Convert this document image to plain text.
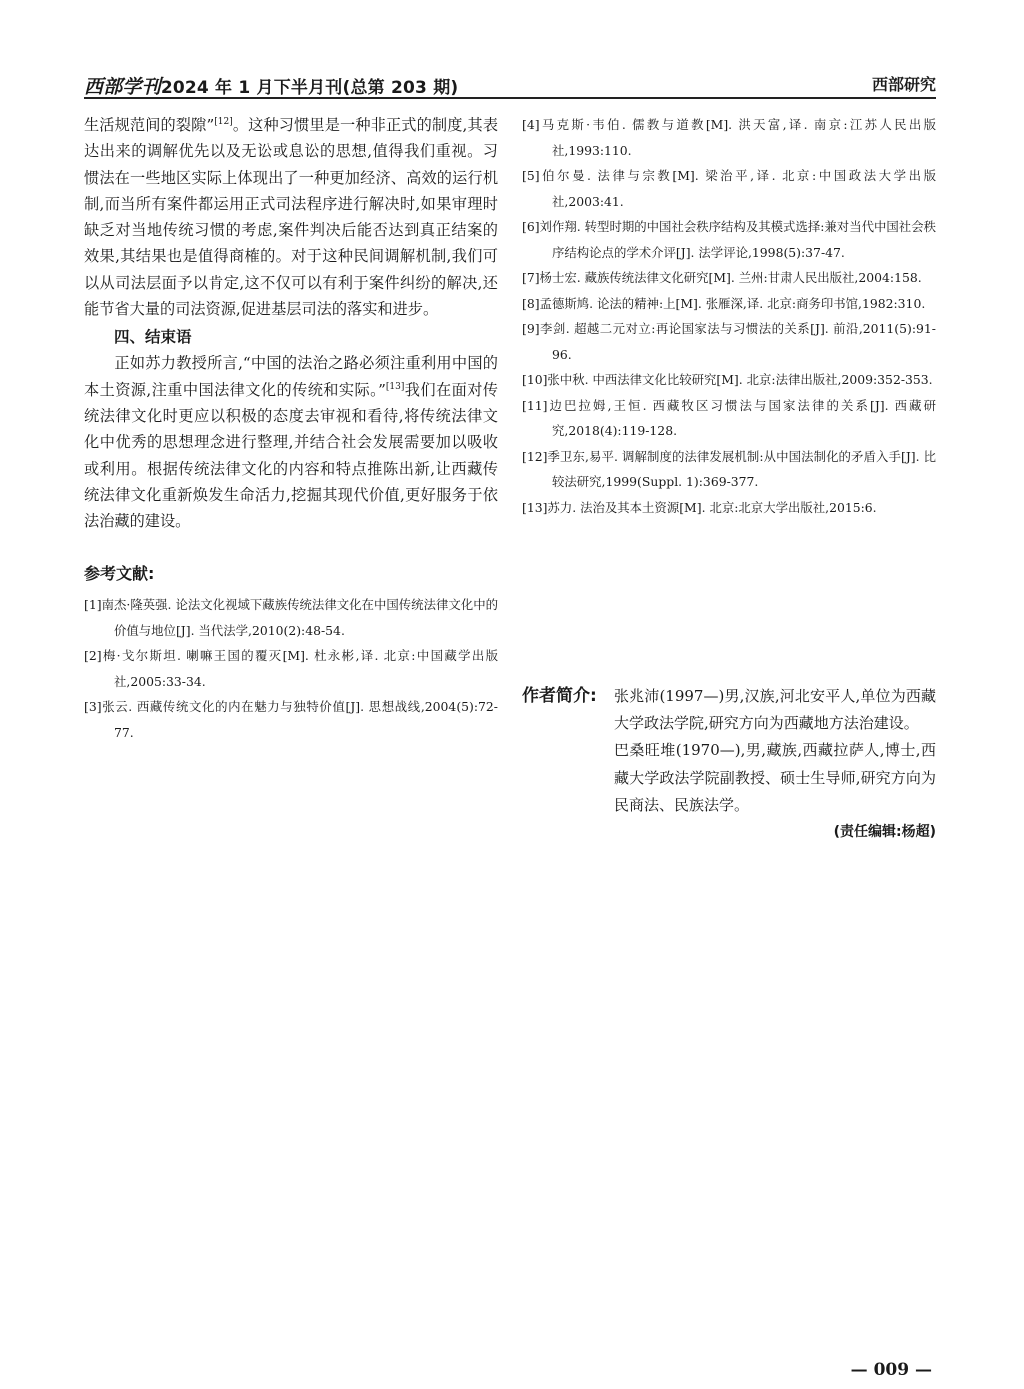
西部学刊2024 年 1 月下半月刊(总第 203 期)	西部研究

生活规范间的裂隙”[12]。这种习惯里是一种非正式的制度,其表达出来的调解优先以及无讼或息讼的思想,值得我们重视。习惯法在一些地区实际上体现出了一种更加经济、高效的运行机制,而当所有案件都运用正式司法程序进行解决时,如果审理时缺乏对当地传统习惯的考虑,案件判决后能否达到真正结案的效果,其结果也是值得商榷的。对于这种民间调解机制,我们可以从司法层面予以肯定,这不仅可以有利于案件纠纷的解决,还能节省大量的司法资源,促进基层司法的落实和进步。

四、结束语

正如苏力教授所言,“中国的法治之路必须注重利用中国的本土资源,注重中国法律文化的传统和实际。”[13]我们在面对传统法律文化时更应以积极的态度去审视和看待,将传统法律文化中优秀的思想理念进行整理,并结合社会发展需要加以吸收或利用。根据传统法律文化的内容和特点推陈出新,让西藏传统法律文化重新焕发生命活力,挖掘其现代价值,更好服务于依法治藏的建设。

参考文献:
[1]南杰·隆英强. 论法文化视域下藏族传统法律文化在中国传统法律文化中的价值与地位[J]. 当代法学,2010(2):48-54.
[2]梅·戈尔斯坦. 喇嘛王国的覆灭[M]. 杜永彬,译. 北京:中国藏学出版社,2005:33-34.
[3]张云. 西藏传统文化的内在魅力与独特价值[J]. 思想战线,2004(5):72-77.
[4]马克斯·韦伯. 儒教与道教[M]. 洪天富,译. 南京:江苏人民出版社,1993:110.
[5]伯尔曼. 法律与宗教[M]. 梁治平,译. 北京:中国政法大学出版社,2003:41.
[6]刘作翔. 转型时期的中国社会秩序结构及其模式选择:兼对当代中国社会秩序结构论点的学术介评[J]. 法学评论,1998(5):37-47.
[7]杨士宏. 藏族传统法律文化研究[M]. 兰州:甘肃人民出版社,2004:158.
[8]孟德斯鸠. 论法的精神:上[M]. 张雁深,译. 北京:商务印书馆,1982:310.
[9]李剑. 超越二元对立:再论国家法与习惯法的关系[J]. 前沿,2011(5):91-96.
[10]张中秋. 中西法律文化比较研究[M]. 北京:法律出版社,2009:352-353.
[11]边巴拉姆,王恒. 西藏牧区习惯法与国家法律的关系[J]. 西藏研究,2018(4):119-128.
[12]季卫东,易平. 调解制度的法律发展机制:从中国法制化的矛盾入手[J]. 比较法研究,1999(Suppl. 1):369-377.
[13]苏力. 法治及其本土资源[M]. 北京:北京大学出版社,2015:6.
作者简介: 张兆沛(1997—)男,汉族,河北安平人,单位为西藏大学政法学院,研究方向为西藏地方法治建设。

巴桑旺堆(1970—),男,藏族,西藏拉萨人,博士,西藏大学政法学院副教授、硕士生导师,研究方向为民商法、民族法学。

(责任编辑:杨超)
— 009 —
